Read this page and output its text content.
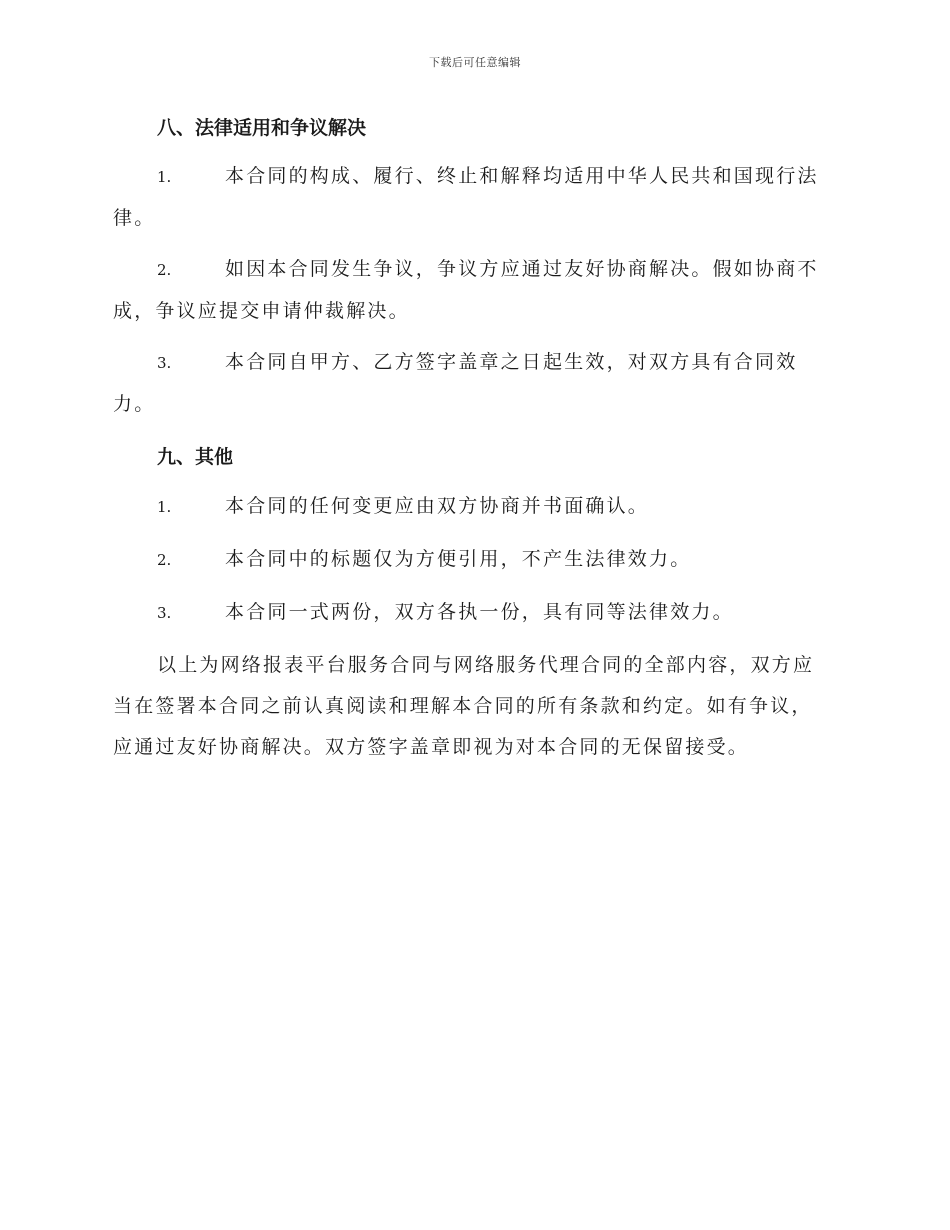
下载后可任意编辑
八、法律适用和争议解决
1.	本合同的构成、履行、终止和解释均适用中华人民共和国现行法律。
2.	如因本合同发生争议，争议方应通过友好协商解决。假如协商不成，争议应提交申请仲裁解决。
3.	本合同自甲方、乙方签字盖章之日起生效，对双方具有合同效力。
九、其他
1.	本合同的任何变更应由双方协商并书面确认。
2.	本合同中的标题仅为方便引用，不产生法律效力。
3.	本合同一式两份，双方各执一份，具有同等法律效力。
以上为网络报表平台服务合同与网络服务代理合同的全部内容，双方应当在签署本合同之前认真阅读和理解本合同的所有条款和约定。如有争议，应通过友好协商解决。双方签字盖章即视为对本合同的无保留接受。
